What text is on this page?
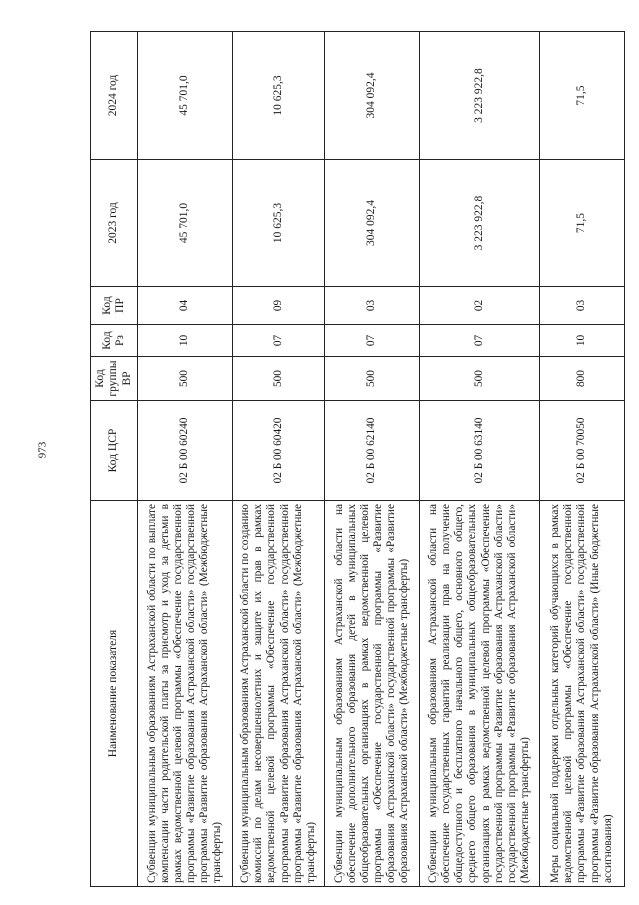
973
Наименование показателя	Код ЦСР	Код группы ВР	Код Рз	Код ПР	2023 год	2024 год
Субвенции муниципальным образованиям Астраханской области по выплате компенсации части родительской платы за присмотр и уход за детьми в рамках ведомственной целевой программы «Обеспечение государственной программы «Развитие образования Астраханской области» государственной программы «Развитие образования Астраханской области» (Межбюджетные трансферты)	02 Б 00 60240	500	10	04	45 701,0	45 701,0
Субвенции муниципальным образованиям Астраханской области по созданию комиссий по делам несовершеннолетних и защите их прав в рамках ведомственной целевой программы «Обеспечение государственной программы «Развитие образования Астраханской области» государственной программы «Развитие образования Астраханской области» (Межбюджетные трансферты)	02 Б 00 60420	500	07	09	10 625,3	10 625,3
Субвенции муниципальным образованиям Астраханской области на обеспечение дополнительного образования детей в муниципальных общеобразовательных организациях в рамках ведомственной целевой программы «Обеспечение государственной программы «Развитие образования Астраханской области» государственной программы «Развитие образования Астраханской области» (Межбюджетные трансферты)	02 Б 00 62140	500	07	03	304 092,4	304 092,4
Субвенции муниципальным образованиям Астраханской области на обеспечение государственных гарантий реализации прав на получение общедоступного и бесплатного начального общего, основного общего, среднего общего образования в муниципальных общеобразовательных организациях в рамках ведомственной целевой программы «Обеспечение государственной программы «Развитие образования Астраханской области» государственной программы «Развитие образования Астраханской области» (Межбюджетные трансферты)	02 Б 00 63140	500	07	02	3 223 922,8	3 223 922,8
Меры социальной поддержки отдельных категорий обучающихся в рамках ведомственной целевой программы «Обеспечение государственной программы «Развитие образования Астраханской области» государственной программы «Развитие образования Астраханской области» (Иные бюджетные ассигнования)	02 Б 00 70050	800	10	03	71,5	71,5
